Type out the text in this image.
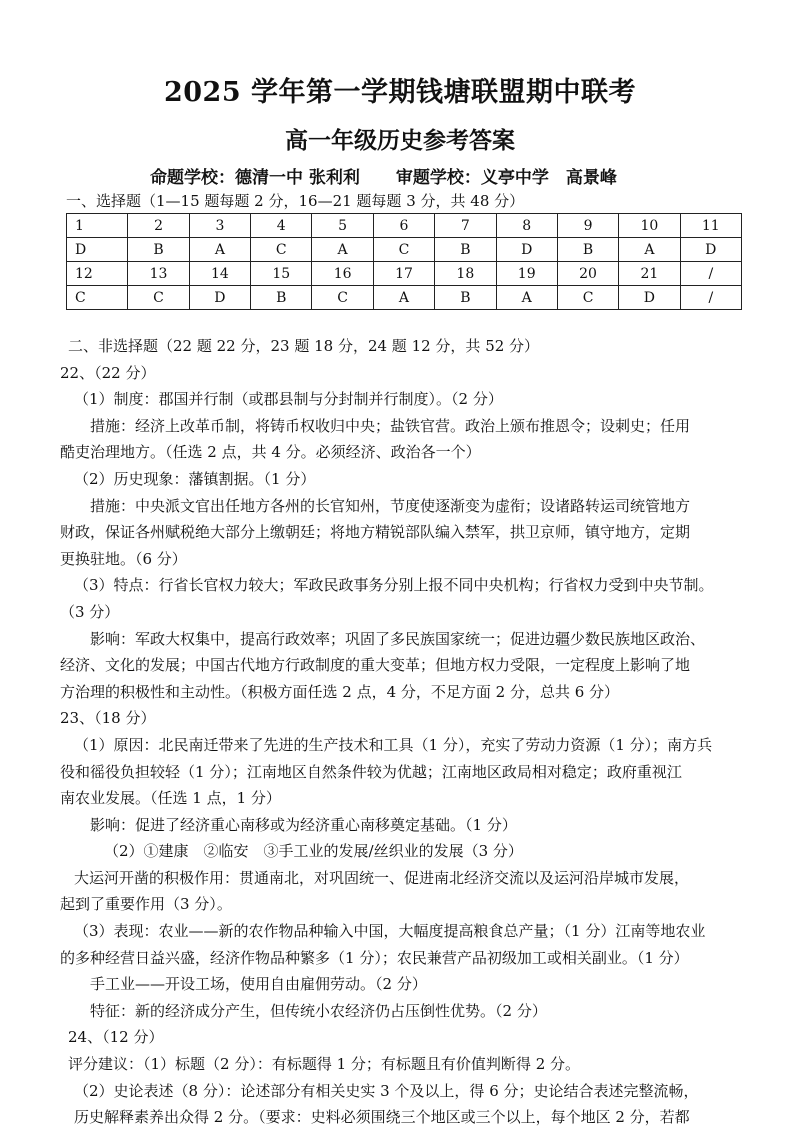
2025 学年第一学期钱塘联盟期中联考
高一年级历史参考答案
命题学校：德清一中 张利利 审题学校：义亭中学　高景峰
一、选择题（1—15 题每题 2 分，16—21 题每题 3 分，共 48 分）
1	2	3	4	5	6	7	8	9	10	11
D	B	A	C	A	C	B	D	B	A	D
12	13	14	15	16	17	18	19	20	21	/
C	C	D	B	C	A	B	A	C	D	/
二、非选择题（22 题 22 分，23 题 18 分，24 题 12 分，共 52 分）
22、（22 分）
（1）制度：郡国并行制（或郡县制与分封制并行制度）。（2 分）
措施：经济上改革币制，将铸币权收归中央；盐铁官营。政治上颁布推恩令；设刺史；任用
酷吏治理地方。（任选 2 点，共 4 分。必须经济、政治各一个）
（2）历史现象：藩镇割据。（1 分）
措施：中央派文官出任地方各州的长官知州，节度使逐渐变为虚衔；设诸路转运司统管地方
财政，保证各州赋税绝大部分上缴朝廷；将地方精锐部队编入禁军，拱卫京师，镇守地方，定期
更换驻地。（6 分）
（3）特点：行省长官权力较大；军政民政事务分别上报不同中央机构；行省权力受到中央节制。
（3 分）
影响：军政大权集中，提高行政效率；巩固了多民族国家统一；促进边疆少数民族地区政治、
经济、文化的发展；中国古代地方行政制度的重大变革；但地方权力受限，一定程度上影响了地
方治理的积极性和主动性。（积极方面任选 2 点，4 分，不足方面 2 分，总共 6 分）
23、（18 分）
（1）原因：北民南迁带来了先进的生产技术和工具（1 分），充实了劳动力资源（1 分）；南方兵
役和徭役负担较轻（1 分）；江南地区自然条件较为优越；江南地区政局相对稳定；政府重视江
南农业发展。（任选 1 点，1 分）
影响：促进了经济重心南移或为经济重心南移奠定基础。（1 分）
（2）①建康　②临安　③手工业的发展/丝织业的发展（3 分）
大运河开凿的积极作用：贯通南北，对巩固统一、促进南北经济交流以及运河沿岸城市发展，
起到了重要作用（3 分）。
（3）表现：农业——新的农作物品种输入中国，大幅度提高粮食总产量；（1 分）江南等地农业
的多种经营日益兴盛，经济作物品种繁多（1 分）；农民兼营产品初级加工或相关副业。（1 分）
手工业——开设工场，使用自由雇佣劳动。（2 分）
特征：新的经济成分产生，但传统小农经济仍占压倒性优势。（2 分）
24、（12 分）
评分建议：（1）标题（2 分）：有标题得 1 分；有标题且有价值判断得 2 分。
（2）史论表述（8 分）：论述部分有相关史实 3 个及以上，得 6 分；史论结合表述完整流畅，
历史解释素养出众得 2 分。（要求：史料必须围绕三个地区或三个以上，每个地区 2 分，若都
